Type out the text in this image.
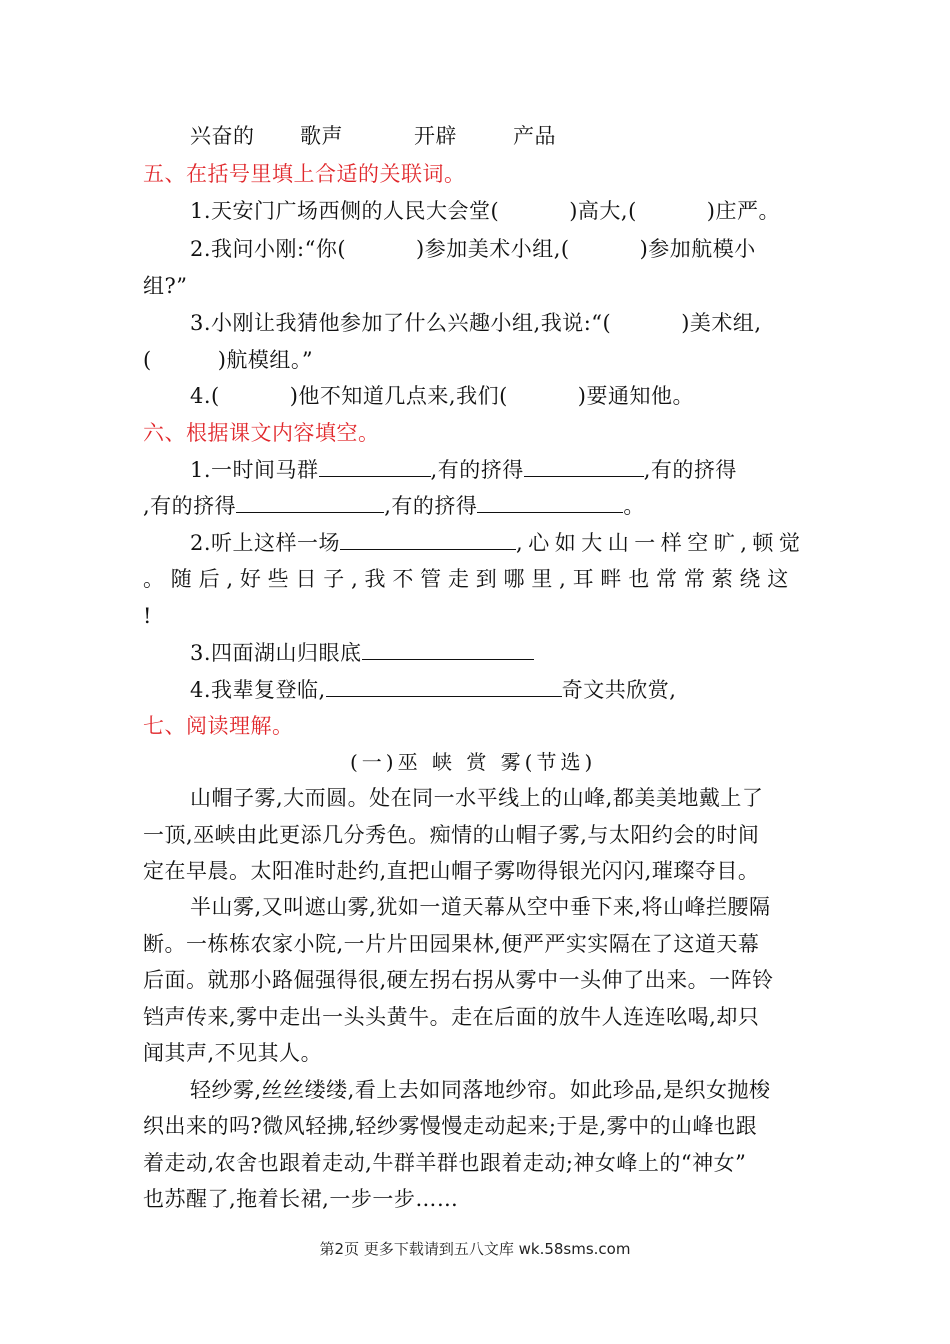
兴奋的 歌声	开辟	产品
五、在括号里填上合适的关联词。
1.天安门广场西侧的人民大会堂(	)高大,(	)庄严。
2.我问小刚:“你(	)参加美术小组,(	)参加航模小
组?”
3.小刚让我猜他参加了什么兴趣小组,我说:“(	)美术组,
(	)航模组。”
4.(	)他不知道几点来,我们(	)要通知他。
六、根据课文内容填空。
1.一时间马群	,有的挤得	,有的挤得
,有的挤得	,有的挤得	。
2.听上这样一场	,心如大山一样空旷,顿觉
。随后,好些日子,我不管走到哪里,耳畔也常常萦绕这
!
3.四面湖山归眼底
4.我辈复登临,	奇文共欣赏,
七、阅读理解。
(一)巫 峡 赏 雾(节选)
山帽子雾,大而圆。处在同一水平线上的山峰,都美美地戴上了
一顶,巫峡由此更添几分秀色。痴情的山帽子雾,与太阳约会的时间
定在早晨。太阳准时赴约,直把山帽子雾吻得银光闪闪,璀璨夺目。
半山雾,又叫遮山雾,犹如一道天幕从空中垂下来,将山峰拦腰隔
断。一栋栋农家小院,一片片田园果林,便严严实实隔在了这道天幕
后面。就那小路倔强得很,硬左拐右拐从雾中一头伸了出来。一阵铃
铛声传来,雾中走出一头头黄牛。走在后面的放牛人连连吆喝,却只
闻其声,不见其人。
轻纱雾,丝丝缕缕,看上去如同落地纱帘。如此珍品,是织女抛梭
织出来的吗?微风轻拂,轻纱雾慢慢走动起来;于是,雾中的山峰也跟
着走动,农舍也跟着走动,牛群羊群也跟着走动;神女峰上的“神女”
也苏醒了,拖着长裙,一步一步……
第2页 更多下载请到五八文库 wk.58sms.com
